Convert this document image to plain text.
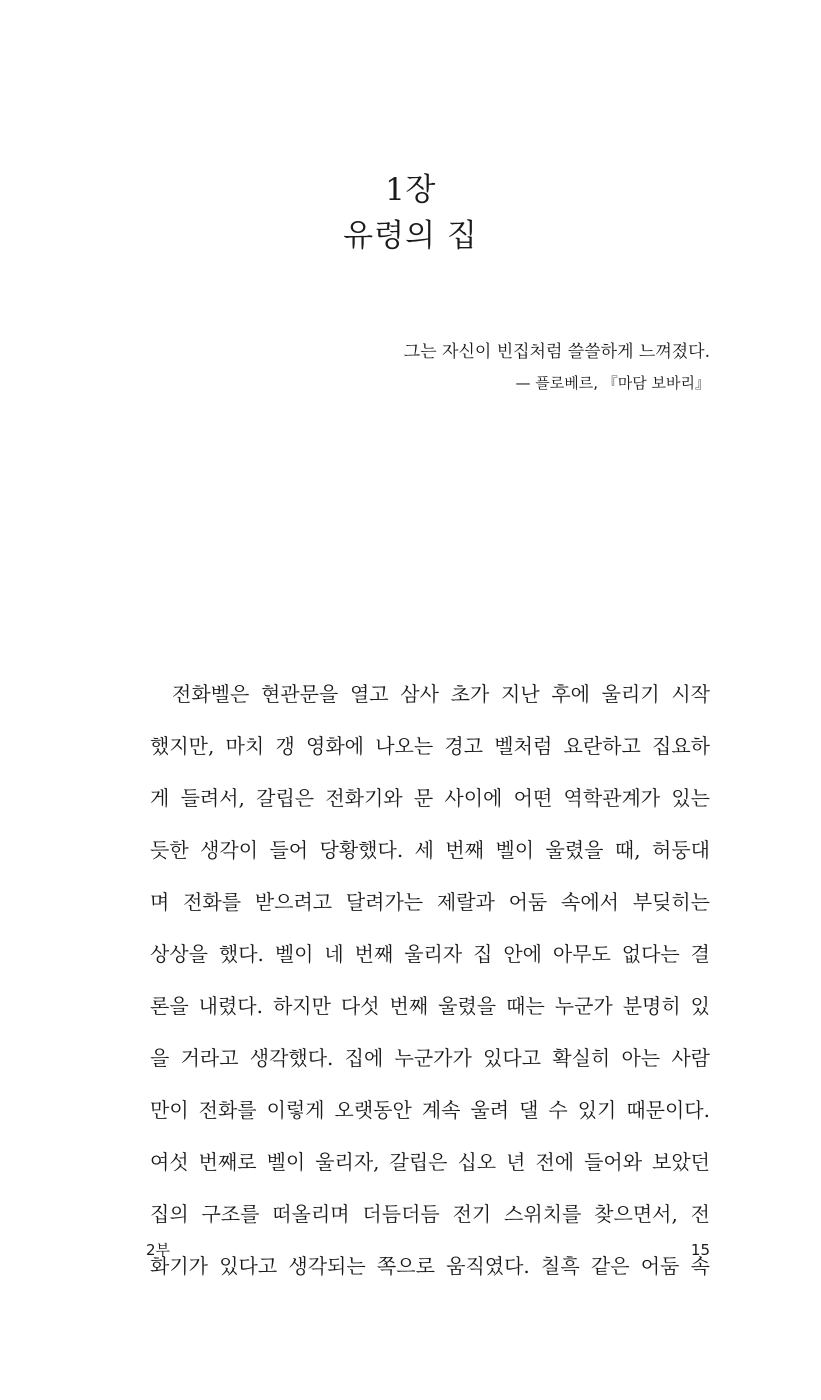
1장
유령의 집

그는 자신이 빈집처럼 쓸쓸하게 느껴졌다.

— 플로베르, 『마담 보바리』

전화벨은 현관문을 열고 삼사 초가 지난 후에 울리기 시작

했지만, 마치 갱 영화에 나오는 경고 벨처럼 요란하고 집요하

게 들려서, 갈립은 전화기와 문 사이에 어떤 역학관계가 있는

듯한 생각이 들어 당황했다. 세 번째 벨이 울렸을 때, 허둥대

며 전화를 받으려고 달려가는 제랄과 어둠 속에서 부딪히는

상상을 했다. 벨이 네 번째 울리자 집 안에 아무도 없다는 결

론을 내렸다. 하지만 다섯 번째 울렸을 때는 누군가 분명히 있

을 거라고 생각했다. 집에 누군가가 있다고 확실히 아는 사람

만이 전화를 이렇게 오랫동안 계속 울려 댈 수 있기 때문이다.

여섯 번째로 벨이 울리자, 갈립은 십오 년 전에 들어와 보았던

집의 구조를 떠올리며 더듬더듬 전기 스위치를 찾으면서, 전

화기가 있다고 생각되는 쪽으로 움직였다. 칠흑 같은 어둠 속

2부	15
